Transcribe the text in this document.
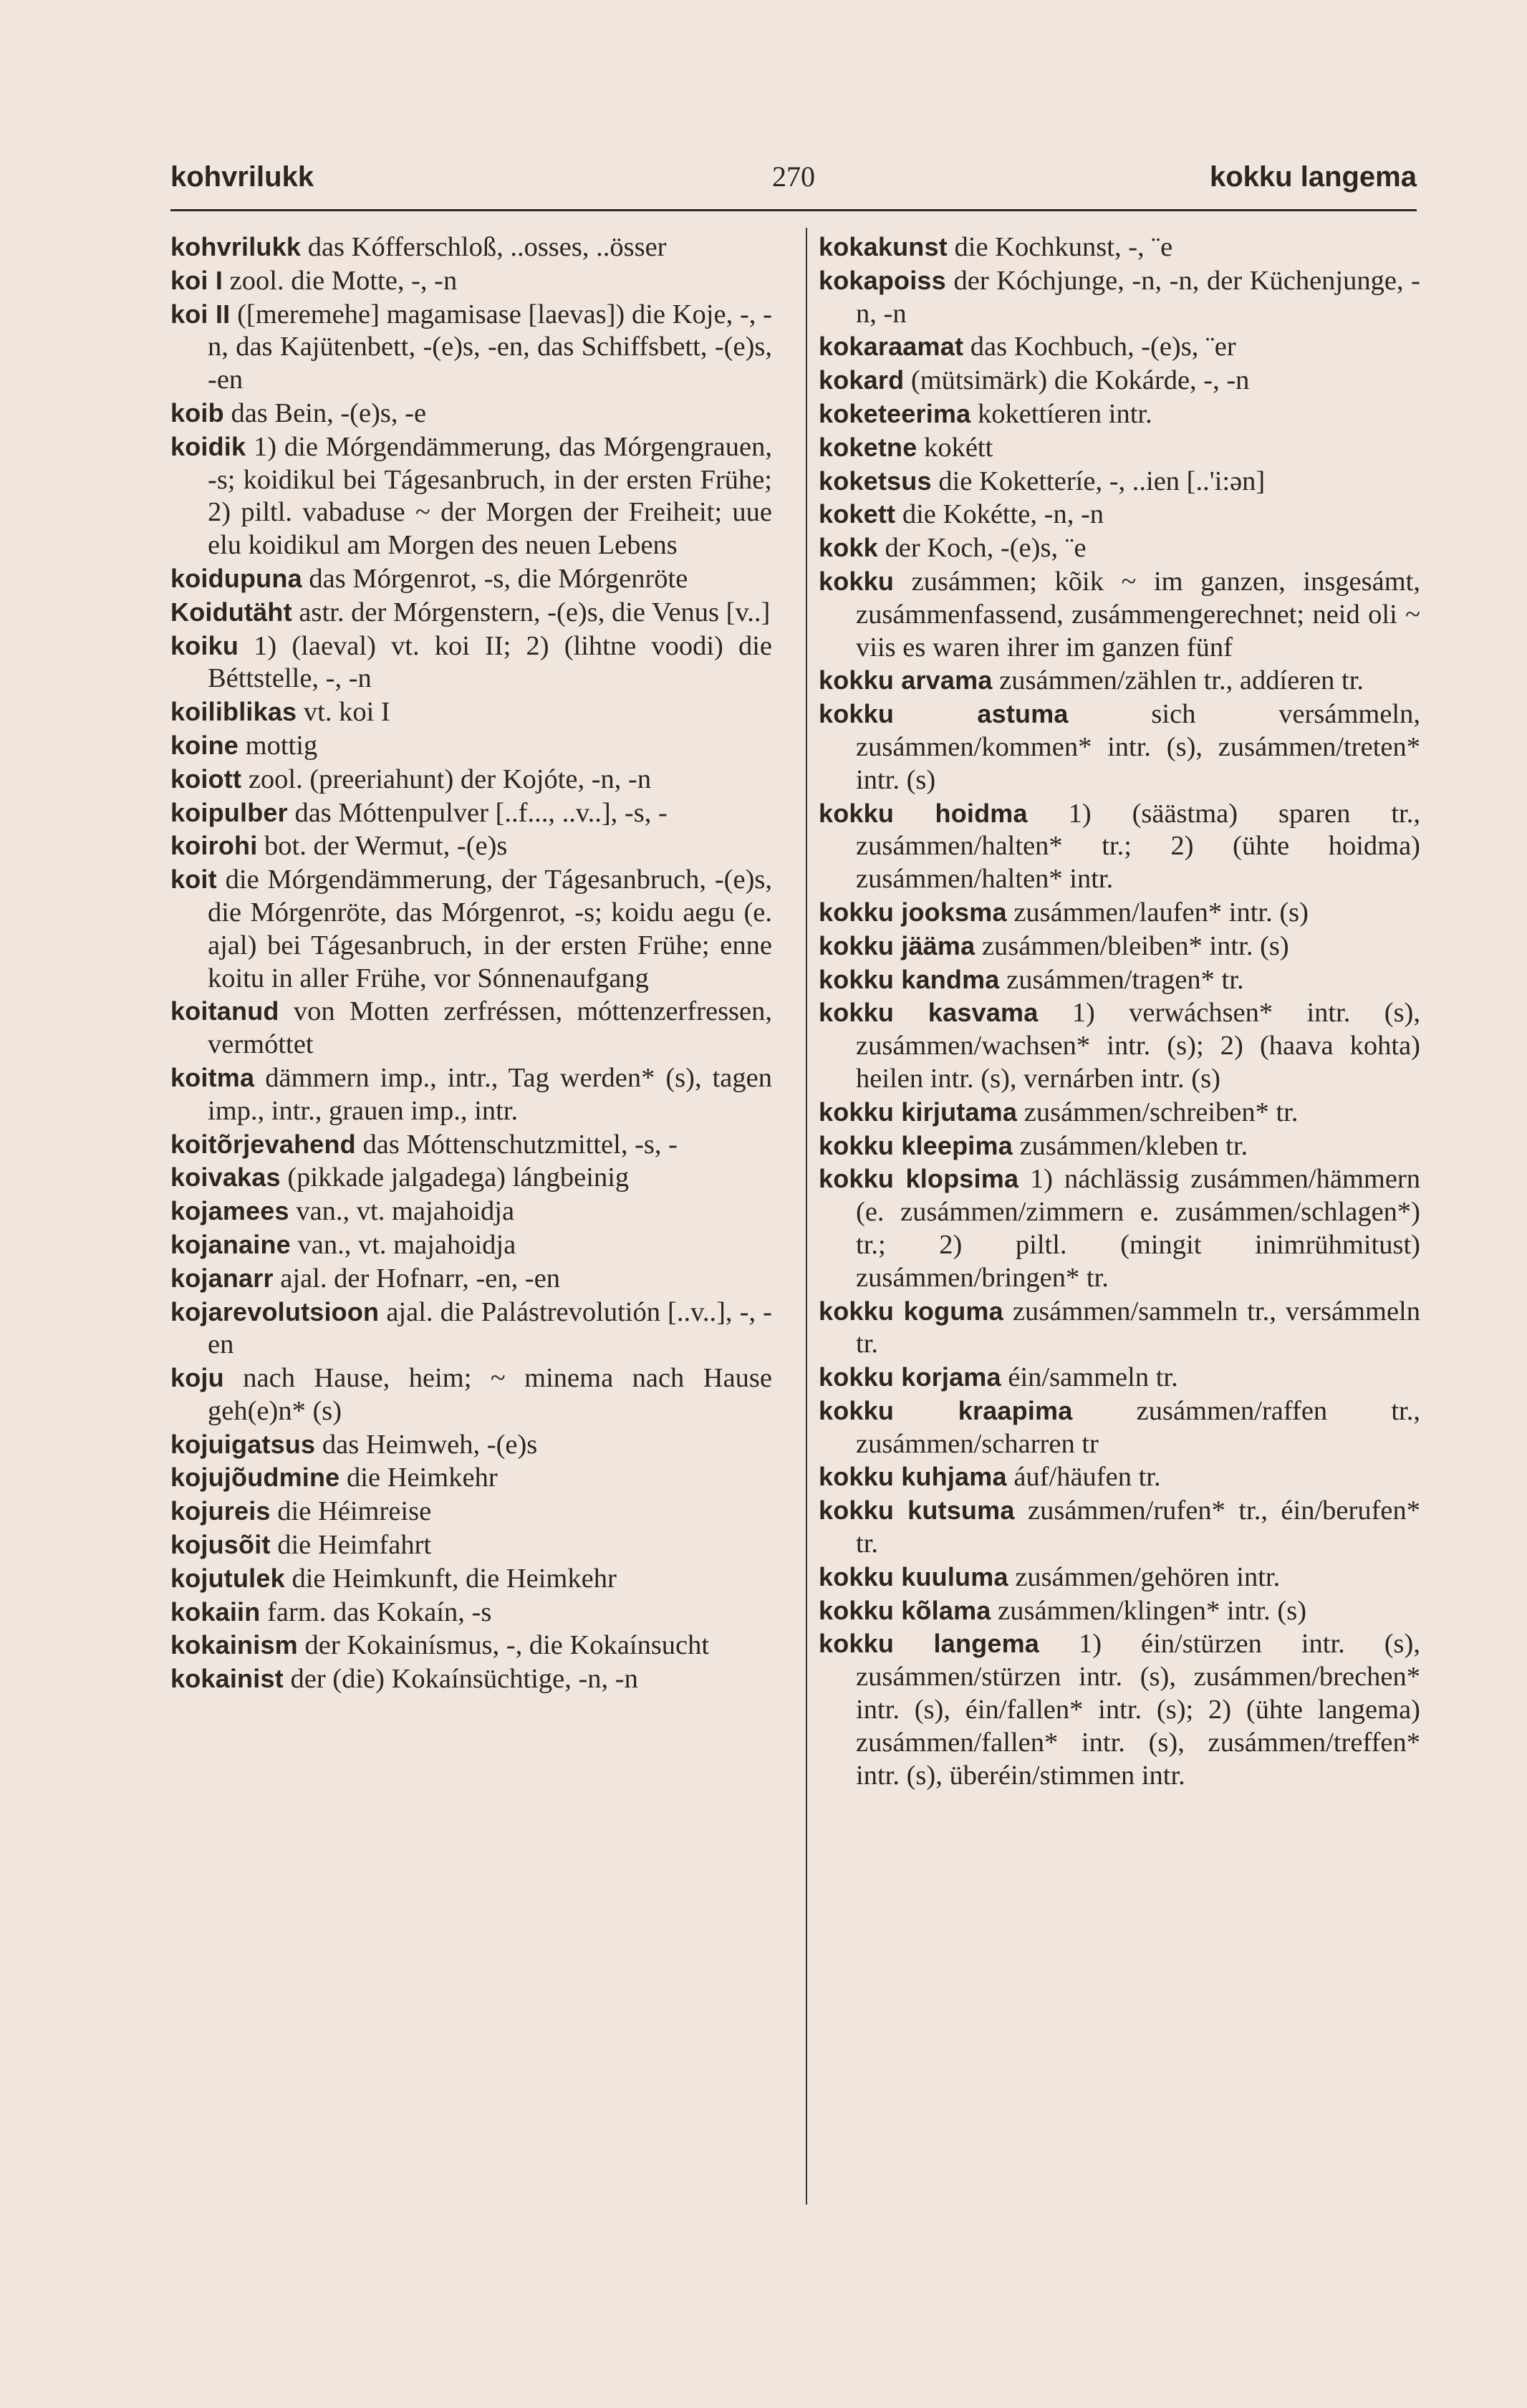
kohvrilukk	270	kokku langema

kohvrilukk das Kófferschloß, ..osses, ..össer

koi I zool. die Motte, -, -n

koi II ([meremehe] magamisase [laevas]) die Koje, -, -n, das Kajütenbett, -(e)s, -en, das Schiffsbett, -(e)s, -en

koib das Bein, -(e)s, -e

koidik 1) die Mórgendämmerung, das Mórgengrauen, -s; koidikul bei Tágesanbruch, in der ersten Frühe; 2) piltl. vabaduse ~ der Morgen der Freiheit; uue elu koidikul am Morgen des neuen Lebens

koidupuna das Mórgenrot, -s, die Mórgenröte

Koidutäht astr. der Mórgenstern, -(e)s, die Venus [v..]

koiku 1) (laeval) vt. koi II; 2) (lihtne voodi) die Béttstelle, -, -n

koiliblikas vt. koi I

koine mottig

koiott zool. (preeriahunt) der Kojóte, -n, -n

koipulber das Móttenpulver [..f..., ..v..], -s, -

koirohi bot. der Wermut, -(e)s

koit die Mórgendämmerung, der Tágesanbruch, -(e)s, die Mórgenröte, das Mórgenrot, -s; koidu aegu (e. ajal) bei Tágesanbruch, in der ersten Frühe; enne koitu in aller Frühe, vor Sónnenaufgang

koitanud von Motten zerfréssen, móttenzerfressen, vermóttet

koitma dämmern imp., intr., Tag werden* (s), tagen imp., intr., grauen imp., intr.

koitõrjevahend das Móttenschutzmittel, -s, -

koivakas (pikkade jalgadega) lángbeinig

kojamees van., vt. majahoidja

kojanaine van., vt. majahoidja

kojanarr ajal. der Hofnarr, -en, -en

kojarevolutsioon ajal. die Palástrevolutión [..v..], -, -en

koju nach Hause, heim; ~ minema nach Hause geh(e)n* (s)

kojuigatsus das Heimweh, -(e)s

kojujõudmine die Heimkehr

kojureis die Héimreise

kojusõit die Heimfahrt

kojutulek die Heimkunft, die Heimkehr

kokaiin farm. das Kokaín, -s

kokainism der Kokainísmus, -, die Kokaínsucht

kokainist der (die) Kokaínsüchtige, -n, -n

kokakunst die Kochkunst, -, ¨e

kokapoiss der Kóchjunge, -n, -n, der Küchenjunge, -n, -n

kokaraamat das Kochbuch, -(e)s, ¨er

kokard (mütsimärk) die Kokárde, -, -n

koketeerima kokettíeren intr.

koketne kokétt

koketsus die Koketteríe, -, ..ien [..'i:ən]

kokett die Kokétte, -n, -n

kokk der Koch, -(e)s, ¨e

kokku zusámmen; kõik ~ im ganzen, insgesámt, zusámmenfassend, zusámmengerechnet; neid oli ~ viis es waren ihrer im ganzen fünf

kokku arvama zusámmen/zählen tr., addíeren tr.

kokku astuma sich versámmeln, zusámmen/kommen* intr. (s), zusámmen/treten* intr. (s)

kokku hoidma 1) (säästma) sparen tr., zusámmen/halten* tr.; 2) (ühte hoidma) zusámmen/halten* intr.

kokku jooksma zusámmen/laufen* intr. (s)

kokku jääma zusámmen/bleiben* intr. (s)

kokku kandma zusámmen/tragen* tr.

kokku kasvama 1) verwáchsen* intr. (s), zusámmen/wachsen* intr. (s); 2) (haava kohta) heilen intr. (s), vernárben intr. (s)

kokku kirjutama zusámmen/schreiben* tr.

kokku kleepima zusámmen/kleben tr.

kokku klopsima 1) náchlässig zusámmen/hämmern (e. zusámmen/zimmern e. zusámmen/schlagen*) tr.; 2) piltl. (mingit inimrühmitust) zusámmen/bringen* tr.

kokku koguma zusámmen/sammeln tr., versámmeln tr.

kokku korjama éin/sammeln tr.

kokku kraapima zusámmen/raffen tr., zusámmen/scharren tr

kokku kuhjama áuf/häufen tr.

kokku kutsuma zusámmen/rufen* tr., éin/berufen* tr.

kokku kuuluma zusámmen/gehören intr.

kokku kõlama zusámmen/klingen* intr. (s)

kokku langema 1) éin/stürzen intr. (s), zusámmen/stürzen intr. (s), zusámmen/brechen* intr. (s), éin/fallen* intr. (s); 2) (ühte langema) zusámmen/fallen* intr. (s), zusámmen/treffen* intr. (s), überéin/stimmen intr.
